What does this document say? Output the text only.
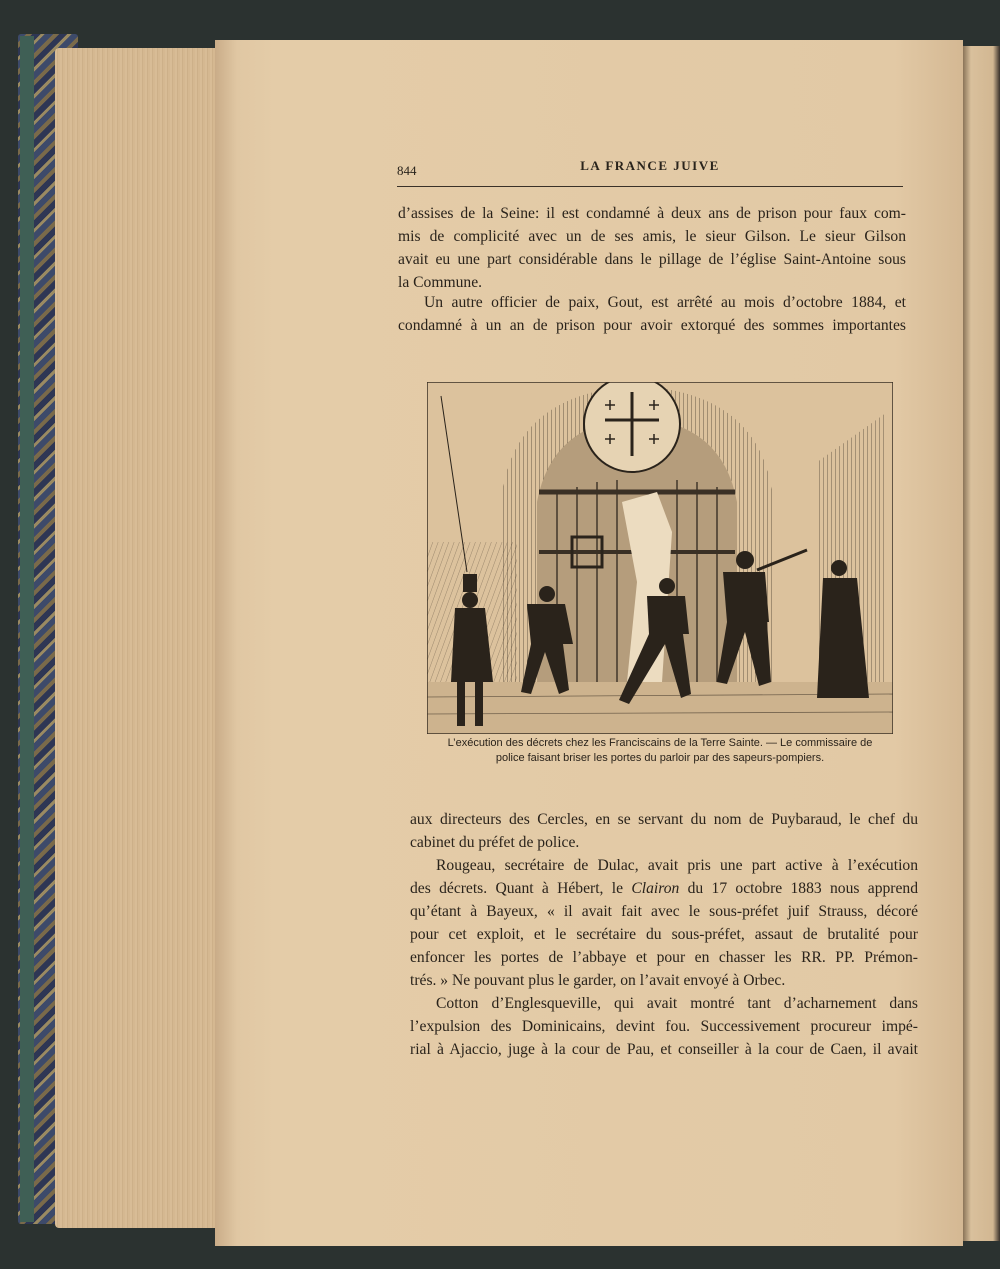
844	LA FRANCE JUIVE

d’assises de la Seine: il est condamné à deux ans de prison pour faux com-
mis de complicité avec un de ses amis, le sieur Gilson. Le sieur Gilson
avait eu une part considérable dans le pillage de l’église Saint-Antoine sous
la Commune.

Un autre officier de paix, Gout, est arrêté au mois d’octobre 1884, et
condamné à un an de prison pour avoir extorqué des sommes importantes

L’exécution des décrets chez les Franciscains de la Terre Sainte. — Le commissaire de
police faisant briser les portes du parloir par des sapeurs-pompiers.

aux directeurs des Cercles, en se servant du nom de Puybaraud, le chef du
cabinet du préfet de police.

Rougeau, secrétaire de Dulac, avait pris une part active à l’exécution
des décrets. Quant à Hébert, le Clairon du 17 octobre 1883 nous apprend
qu’étant à Bayeux, « il avait fait avec le sous-préfet juif Strauss, décoré
pour cet exploit, et le secrétaire du sous-préfet, assaut de brutalité pour
enfoncer les portes de l’abbaye et pour en chasser les RR. PP. Prémon-
trés. » Ne pouvant plus le garder, on l’avait envoyé à Orbec.

Cotton d’Englesqueville, qui avait montré tant d’acharnement dans
l’expulsion des Dominicains, devint fou. Successivement procureur impé-
rial à Ajaccio, juge à la cour de Pau, et conseiller à la cour de Caen, il avait
